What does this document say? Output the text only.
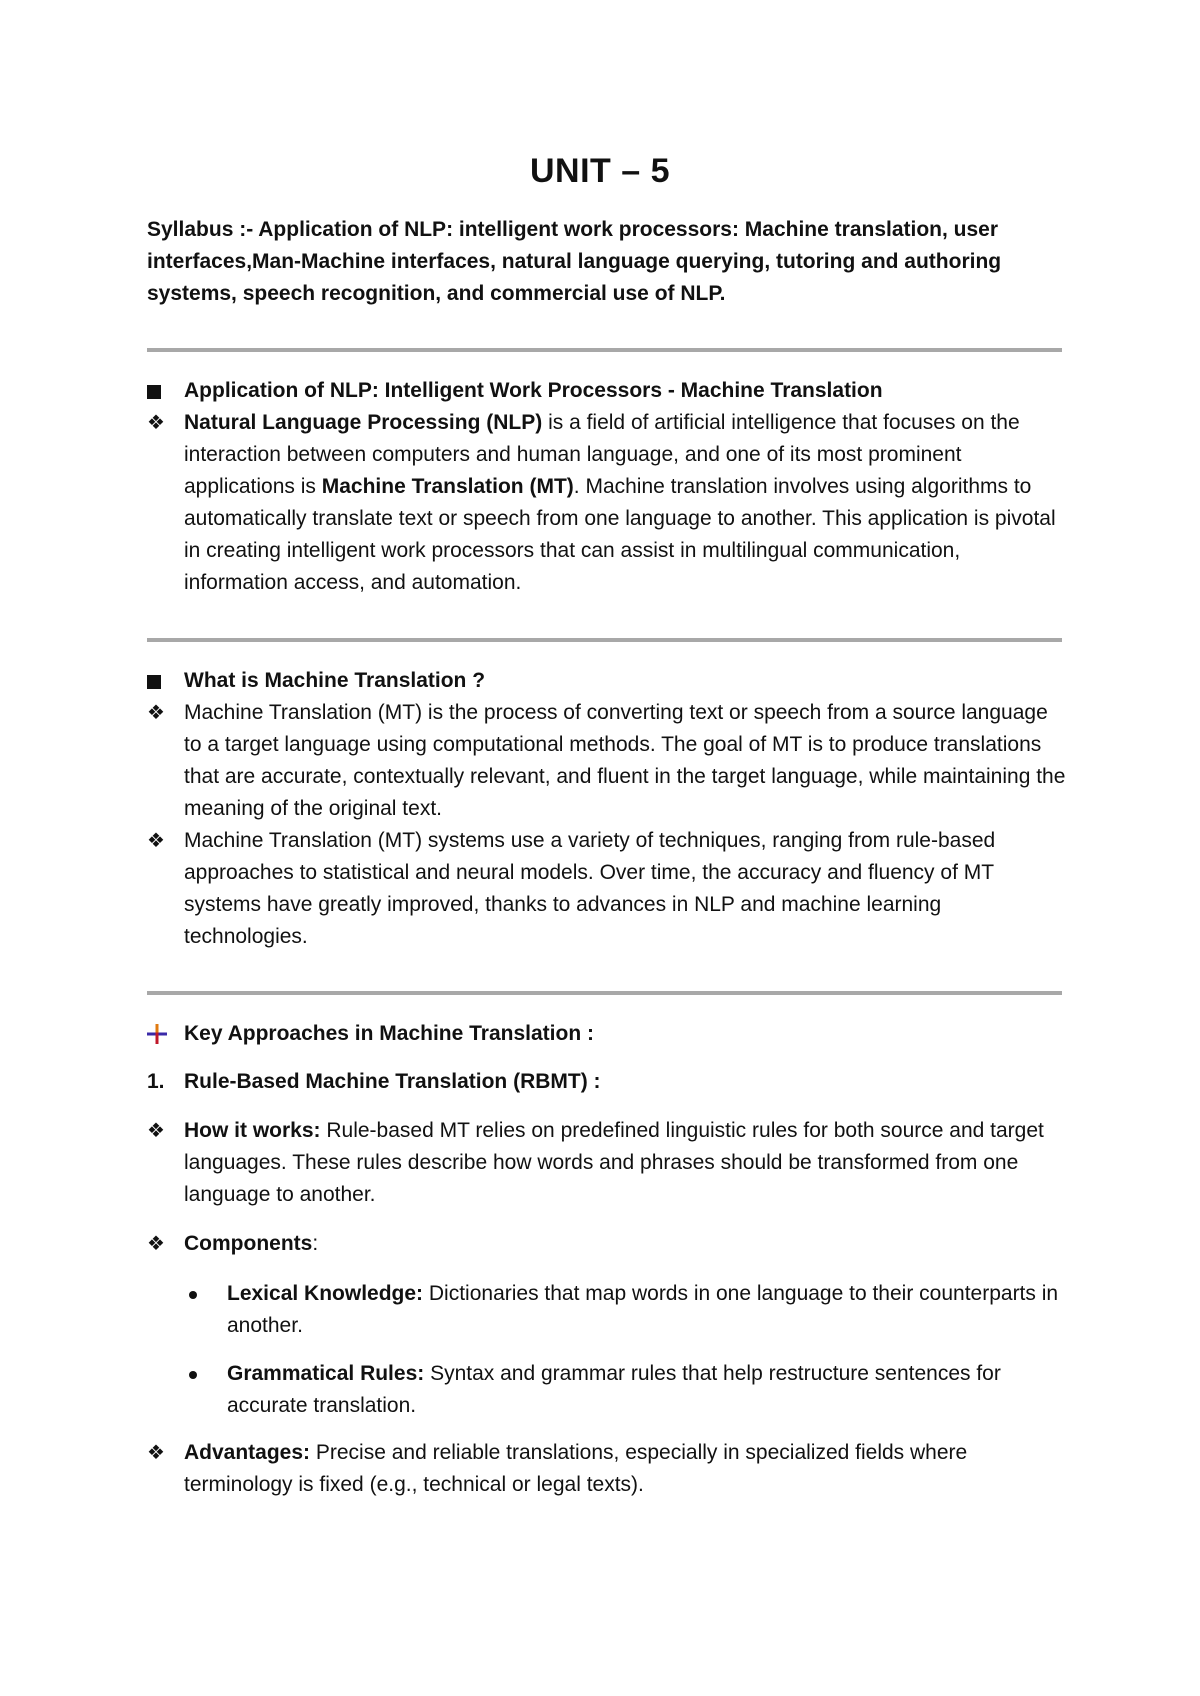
UNIT – 5
Syllabus :- Application of NLP: intelligent work processors: Machine translation, user interfaces,Man-Machine interfaces, natural language querying, tutoring and authoring systems, speech recognition, and commercial use of NLP.
Application of NLP: Intelligent Work Processors - Machine Translation
❖ Natural Language Processing (NLP) is a field of artificial intelligence that focuses on the interaction between computers and human language, and one of its most prominent applications is Machine Translation (MT). Machine translation involves using algorithms to automatically translate text or speech from one language to another. This application is pivotal in creating intelligent work processors that can assist in multilingual communication, information access, and automation.
What is Machine Translation ?
❖ Machine Translation (MT) is the process of converting text or speech from a source language to a target language using computational methods. The goal of MT is to produce translations that are accurate, contextually relevant, and fluent in the target language, while maintaining the meaning of the original text.
❖ Machine Translation (MT) systems use a variety of techniques, ranging from rule-based approaches to statistical and neural models. Over time, the accuracy and fluency of MT systems have greatly improved, thanks to advances in NLP and machine learning technologies.
Key Approaches in Machine Translation :
1. Rule-Based Machine Translation (RBMT) :
❖ How it works: Rule-based MT relies on predefined linguistic rules for both source and target languages. These rules describe how words and phrases should be transformed from one language to another.
❖ Components:
Lexical Knowledge: Dictionaries that map words in one language to their counterparts in another.
Grammatical Rules: Syntax and grammar rules that help restructure sentences for accurate translation.
❖ Advantages: Precise and reliable translations, especially in specialized fields where terminology is fixed (e.g., technical or legal texts).
